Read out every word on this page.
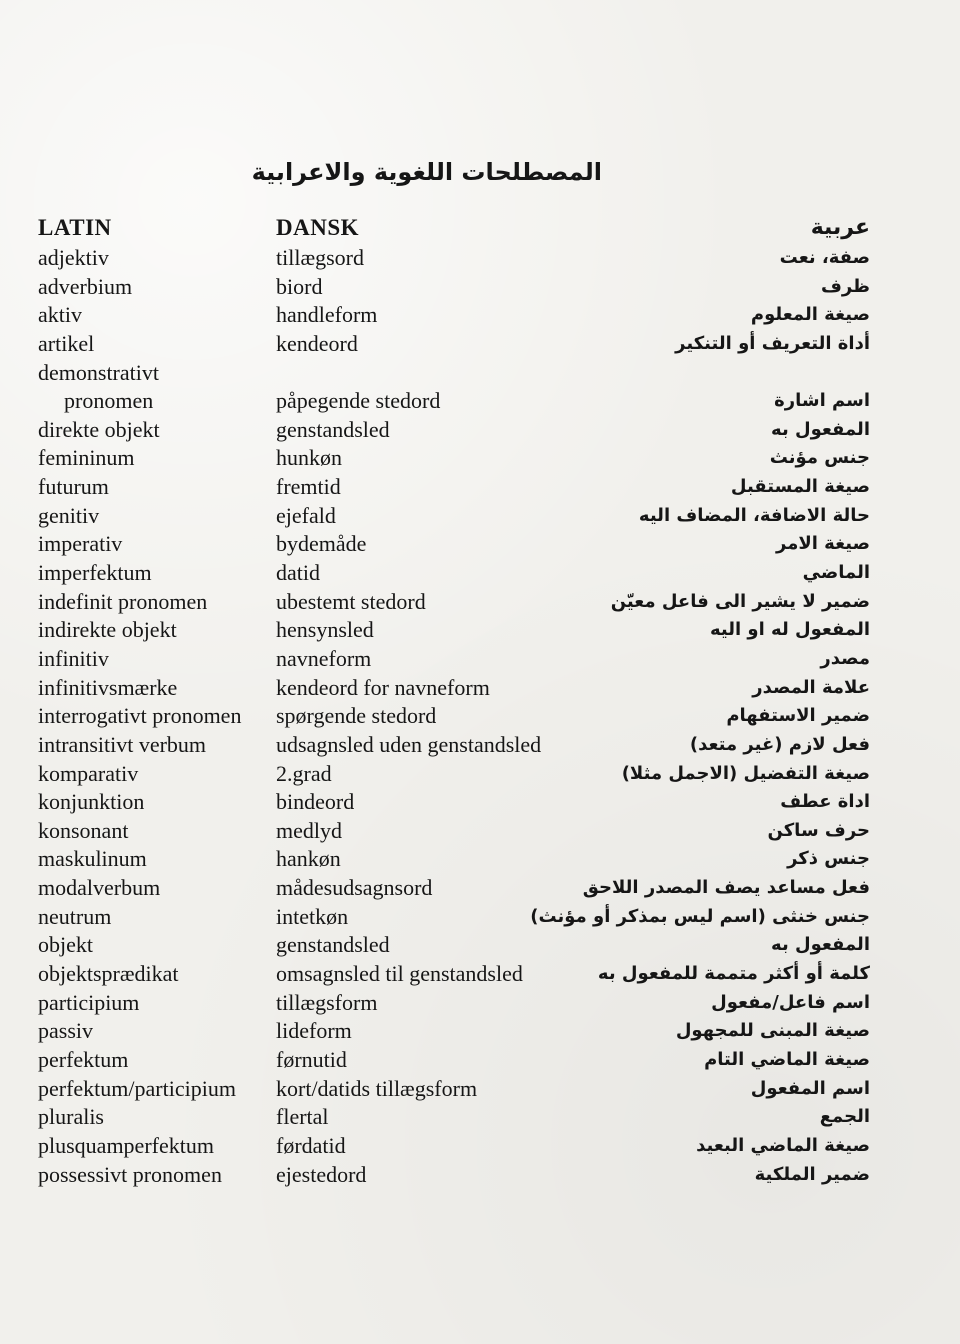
المصطلحات اللغوية والاعرابية
LATIN
adjektiv
adverbium
aktiv
artikel
demonstrativt
pronomen
direkte objekt
femininum
futurum
genitiv
imperativ
imperfektum
indefinit pronomen
indirekte objekt
infinitiv
infinitivsmærke
interrogativt pronomen
intransitivt verbum
komparativ
konjunktion
konsonant
maskulinum
modalverbum
neutrum
objekt
objektsprædikat
participium
passiv
perfektum
perfektum/participium
pluralis
plusquamperfektum
possessivt pronomen
DANSK
tillægsord
biord
handleform
kendeord
påpegende stedord
genstandsled
hunkøn
fremtid
ejefald
bydemåde
datid
ubestemt stedord
hensynsled
navneform
kendeord for navneform
spørgende stedord
udsagnsled uden genstandsled
2.grad
bindeord
medlyd
hankøn
mådesudsagnsord
intetkøn
genstandsled
omsagnsled til genstandsled
tillægsform
lideform
førnutid
kort/datids tillægsform
flertal
førdatid
ejestedord
عربية
صفة، نعت
ظرف
صيغة المعلوم
أداة التعريف أو التنكير
اسم اشارة
المفعول به
جنس مؤنث
صيغة المستقبل
حالة الاضافة، المضاف اليه
صيغة الامر
الماضي
ضمير لا يشير الى فاعل معيّن
المفعول له او اليه
مصدر
علامة المصدر
ضمير الاستفهام
فعل لازم (غير متعد)
صيغة التفضيل (الاجمل مثلا)
اداة عطف
حرف ساكن
جنس ذكر
فعل مساعد يصف المصدر اللاحق
جنس خنثى (اسم ليس بمذكر أو مؤنث)
المفعول به
كلمة أو أكثر متممة للمفعول به
اسم فاعل/مفعول
صيغة المبنى للمجهول
صيغة الماضي التام
اسم المفعول
الجمع
صيغة الماضي البعيد
ضمير الملكية
